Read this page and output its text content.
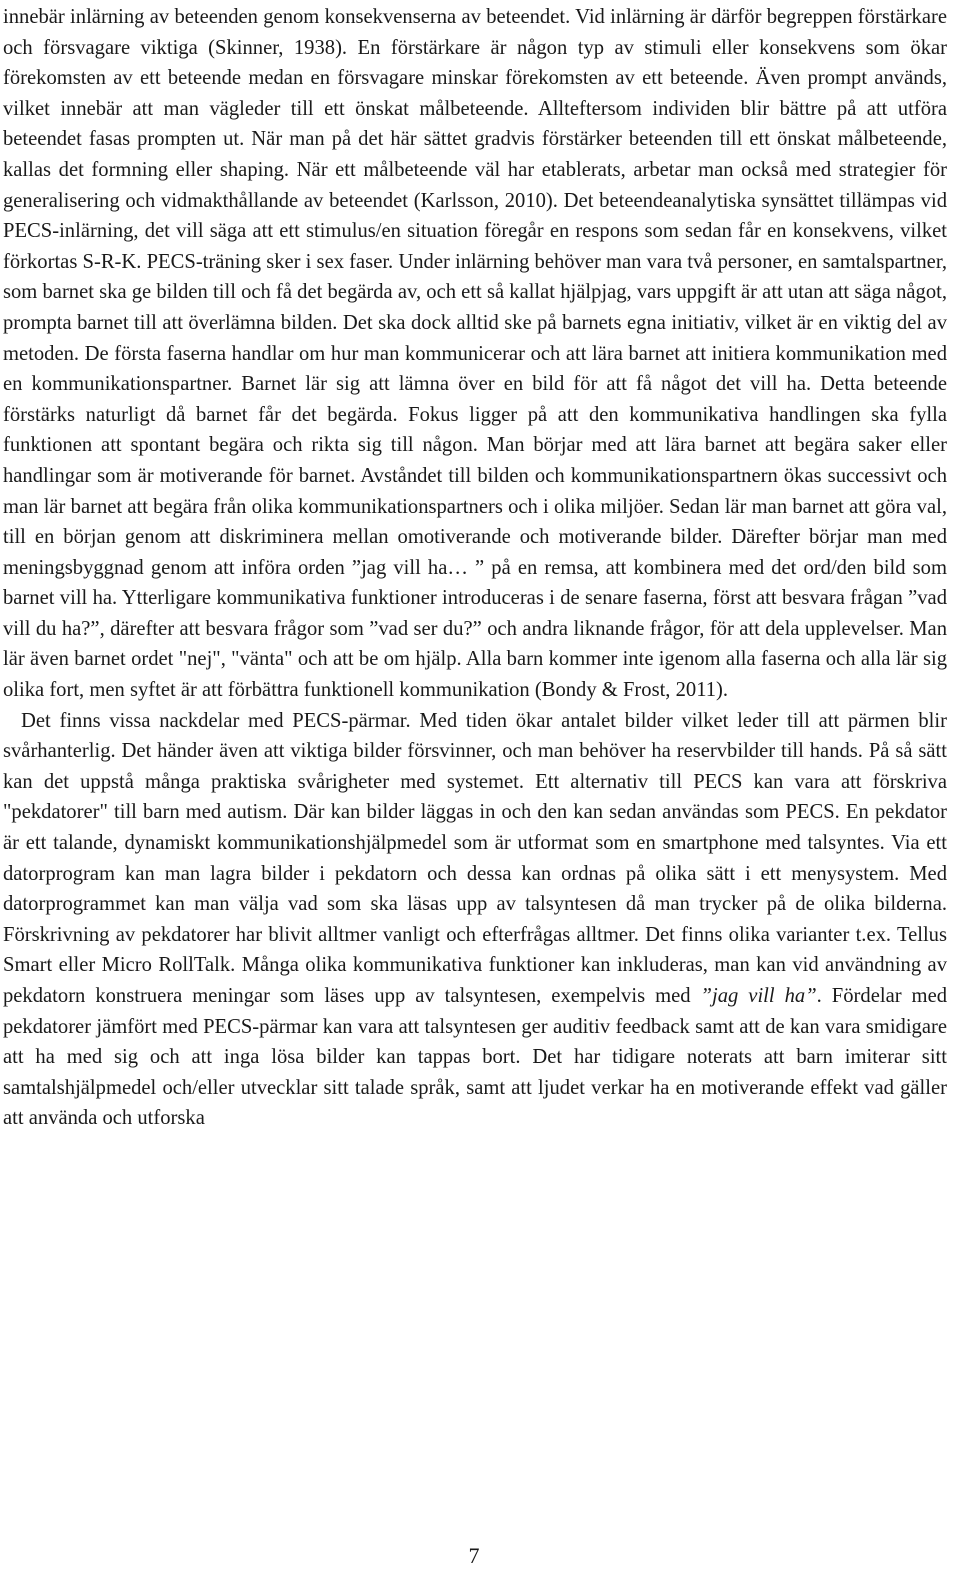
innebär inlärning av beteenden genom konsekvenserna av beteendet. Vid inlärning är därför begreppen förstärkare och försvagare viktiga (Skinner, 1938). En förstärkare är någon typ av stimuli eller konsekvens som ökar förekomsten av ett beteende medan en försvagare minskar förekomsten av ett beteende. Även prompt används, vilket innebär att man vägleder till ett önskat målbeteende. Allteftersom individen blir bättre på att utföra beteendet fasas prompten ut. När man på det här sättet gradvis förstärker beteenden till ett önskat målbeteende, kallas det formning eller shaping. När ett målbeteende väl har etablerats, arbetar man också med strategier för generalisering och vidmakthållande av beteendet (Karlsson, 2010). Det beteendeanalytiska synsättet tillämpas vid PECS-inlärning, det vill säga att ett stimulus/en situation föregår en respons som sedan får en konsekvens, vilket förkortas S-R-K. PECS-träning sker i sex faser. Under inlärning behöver man vara två personer, en samtalspartner, som barnet ska ge bilden till och få det begärda av, och ett så kallat hjälpjag, vars uppgift är att utan att säga något, prompta barnet till att överlämna bilden. Det ska dock alltid ske på barnets egna initiativ, vilket är en viktig del av metoden. De första faserna handlar om hur man kommunicerar och att lära barnet att initiera kommunikation med en kommunikationspartner. Barnet lär sig att lämna över en bild för att få något det vill ha. Detta beteende förstärks naturligt då barnet får det begärda. Fokus ligger på att den kommunikativa handlingen ska fylla funktionen att spontant begära och rikta sig till någon. Man börjar med att lära barnet att begära saker eller handlingar som är motiverande för barnet. Avståndet till bilden och kommunikationspartnern ökas successivt och man lär barnet att begära från olika kommunikationspartners och i olika miljöer. Sedan lär man barnet att göra val, till en början genom att diskriminera mellan omotiverande och motiverande bilder. Därefter börjar man med meningsbyggnad genom att införa orden ”jag vill ha… ” på en remsa, att kombinera med det ord/den bild som barnet vill ha. Ytterligare kommunikativa funktioner introduceras i de senare faserna, först att besvara frågan ”vad vill du ha?”, därefter att besvara frågor som ”vad ser du?” och andra liknande frågor, för att dela upplevelser. Man lär även barnet ordet "nej", "vänta" och att be om hjälp. Alla barn kommer inte igenom alla faserna och alla lär sig olika fort, men syftet är att förbättra funktionell kommunikation (Bondy & Frost, 2011).

Det finns vissa nackdelar med PECS-pärmar. Med tiden ökar antalet bilder vilket leder till att pärmen blir svårhanterlig. Det händer även att viktiga bilder försvinner, och man behöver ha reservbilder till hands. På så sätt kan det uppstå många praktiska svårigheter med systemet. Ett alternativ till PECS kan vara att förskriva "pekdatorer" till barn med autism. Där kan bilder läggas in och den kan sedan användas som PECS. En pekdator är ett talande, dynamiskt kommunikationshjälpmedel som är utformat som en smartphone med talsyntes. Via ett datorprogram kan man lagra bilder i pekdatorn och dessa kan ordnas på olika sätt i ett menysystem. Med datorprogrammet kan man välja vad som ska läsas upp av talsyntesen då man trycker på de olika bilderna. Förskrivning av pekdatorer har blivit alltmer vanligt och efterfrågas alltmer. Det finns olika varianter t.ex. Tellus Smart eller Micro RollTalk. Många olika kommunikativa funktioner kan inkluderas, man kan vid användning av pekdatorn konstruera meningar som läses upp av talsyntesen, exempelvis med ”jag vill ha”. Fördelar med pekdatorer jämfört med PECS-pärmar kan vara att talsyntesen ger auditiv feedback samt att de kan vara smidigare att ha med sig och att inga lösa bilder kan tappas bort. Det har tidigare noterats att barn imiterar sitt samtalshjälpmedel och/eller utvecklar sitt talade språk, samt att ljudet verkar ha en motiverande effekt vad gäller att använda och utforska

7
